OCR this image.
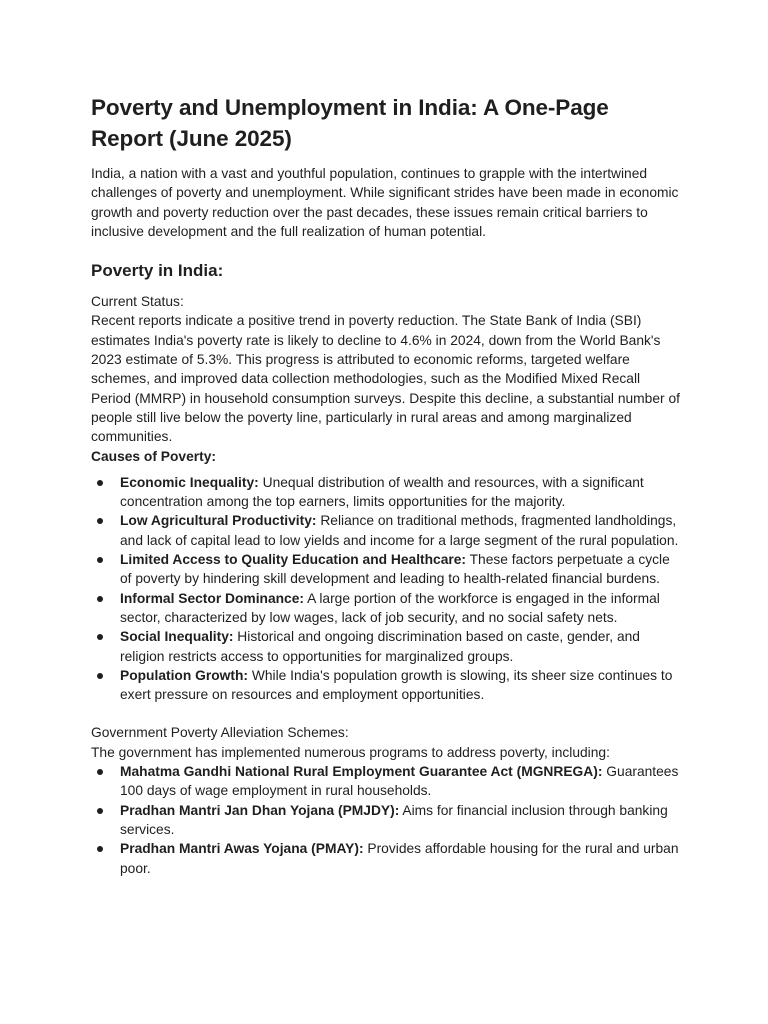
Poverty and Unemployment in India: A One-Page Report (June 2025)

India, a nation with a vast and youthful population, continues to grapple with the intertwined challenges of poverty and unemployment. While significant strides have been made in economic growth and poverty reduction over the past decades, these issues remain critical barriers to inclusive development and the full realization of human potential.

Poverty in India:

Current Status:

Recent reports indicate a positive trend in poverty reduction. The State Bank of India (SBI) estimates India's poverty rate is likely to decline to 4.6% in 2024, down from the World Bank's 2023 estimate of 5.3%. This progress is attributed to economic reforms, targeted welfare schemes, and improved data collection methodologies, such as the Modified Mixed Recall Period (MMRP) in household consumption surveys. Despite this decline, a substantial number of people still live below the poverty line, particularly in rural areas and among marginalized communities.

Causes of Poverty:

Economic Inequality: Unequal distribution of wealth and resources, with a significant concentration among the top earners, limits opportunities for the majority.
Low Agricultural Productivity: Reliance on traditional methods, fragmented landholdings, and lack of capital lead to low yields and income for a large segment of the rural population.
Limited Access to Quality Education and Healthcare: These factors perpetuate a cycle of poverty by hindering skill development and leading to health-related financial burdens.
Informal Sector Dominance: A large portion of the workforce is engaged in the informal sector, characterized by low wages, lack of job security, and no social safety nets.
Social Inequality: Historical and ongoing discrimination based on caste, gender, and religion restricts access to opportunities for marginalized groups.
Population Growth: While India's population growth is slowing, its sheer size continues to exert pressure on resources and employment opportunities.

Government Poverty Alleviation Schemes:

The government has implemented numerous programs to address poverty, including:

Mahatma Gandhi National Rural Employment Guarantee Act (MGNREGA): Guarantees 100 days of wage employment in rural households.
Pradhan Mantri Jan Dhan Yojana (PMJDY): Aims for financial inclusion through banking services.
Pradhan Mantri Awas Yojana (PMAY): Provides affordable housing for the rural and urban poor.
